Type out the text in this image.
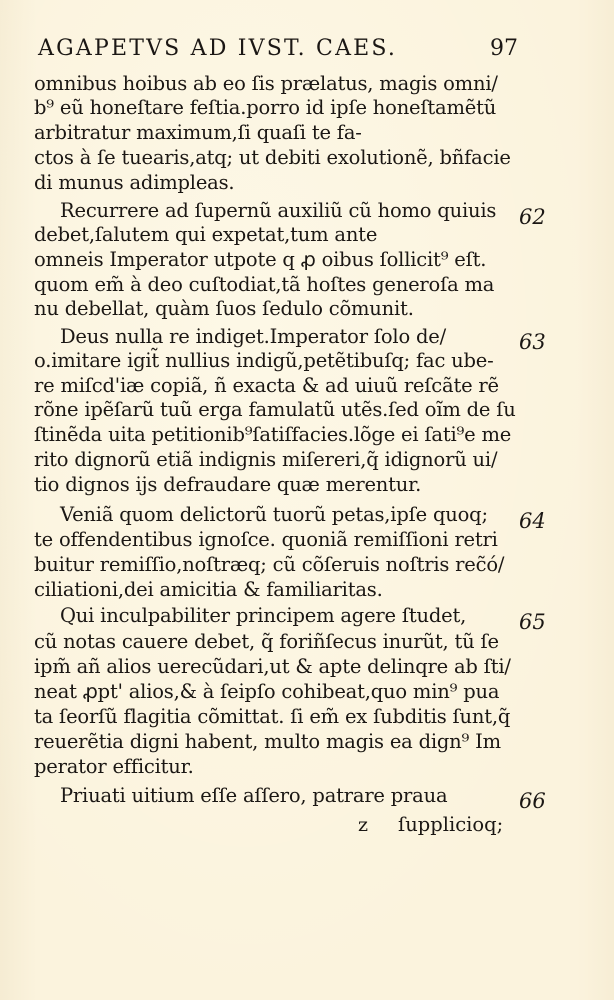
AGAPETVS AD IVST. CAES.	97
omnibus hoibus ab eo ſis prælatus, magis omni/
b⁹ eũ honeſtare feſtia.porro id ipſe honeſtamẽtũ
arbitratur maximum,ſi quaſi te fa-
ctos à ſe tuearis,atq; ut debiti exolutionẽ, bñfacie
di munus adimpleas.
Recurrere ad ſupernũ auxiliũ cũ homo quiuis
debet,ſalutem qui expetat,tum ante
omneis Imperator utpote q ꝓ oibus ſollicit⁹ eſt.
quom em̃ à deo cuſtodiat,tã hoſtes generoſa ma
nu debellat, quàm ſuos ſedulo cõmunit.
Deus nulla re indiget.Imperator ſolo de/
o.imitare igit̃ nullius indigũ,petẽtibuſq; fac ube-
re miſcd'iæ copiã, ñ exacta & ad uiuũ reſcãte rẽ
rõne ipẽſarũ tuũ erga famulatũ utẽs.ſed oĩm de ſu
ſtinẽda uita petitionib⁹ſatiſfacies.lõge ei ſati⁹e me
rito dignorũ etiã indignis miſereri,q̃ idignorũ ui/
tio dignos ijs defraudare quæ merentur.
Veniã quom delictorũ tuorũ petas,ipſe quoq;
te offendentibus ignoſce. quoniã remiſſioni retri
buitur remiſſio,noſtræq; cũ cõſeruis noſtris rec̃ó/
ciliationi,dei amicitia & familiaritas.
Qui inculpabiliter principem agere ſtudet,
cũ notas cauere debet, q̃ foriñſecus inurũt, tũ ſe
ipm̃ añ alios uerecũdari,ut & apte delinqre ab ſti/
neat ꝓpt' alios,& à ſeipſo cohibeat,quo min⁹ pua
ta ſeorſũ flagitia cõmittat. ſi em̃ ex ſubditis ſunt,q̃
reuerẽtia digni habent, multo magis ea dign⁹ Im
perator efficitur.
Priuati uitium eſſe aſſero, patrare praua
z ſupplicioq;
62
63
64
65
66
